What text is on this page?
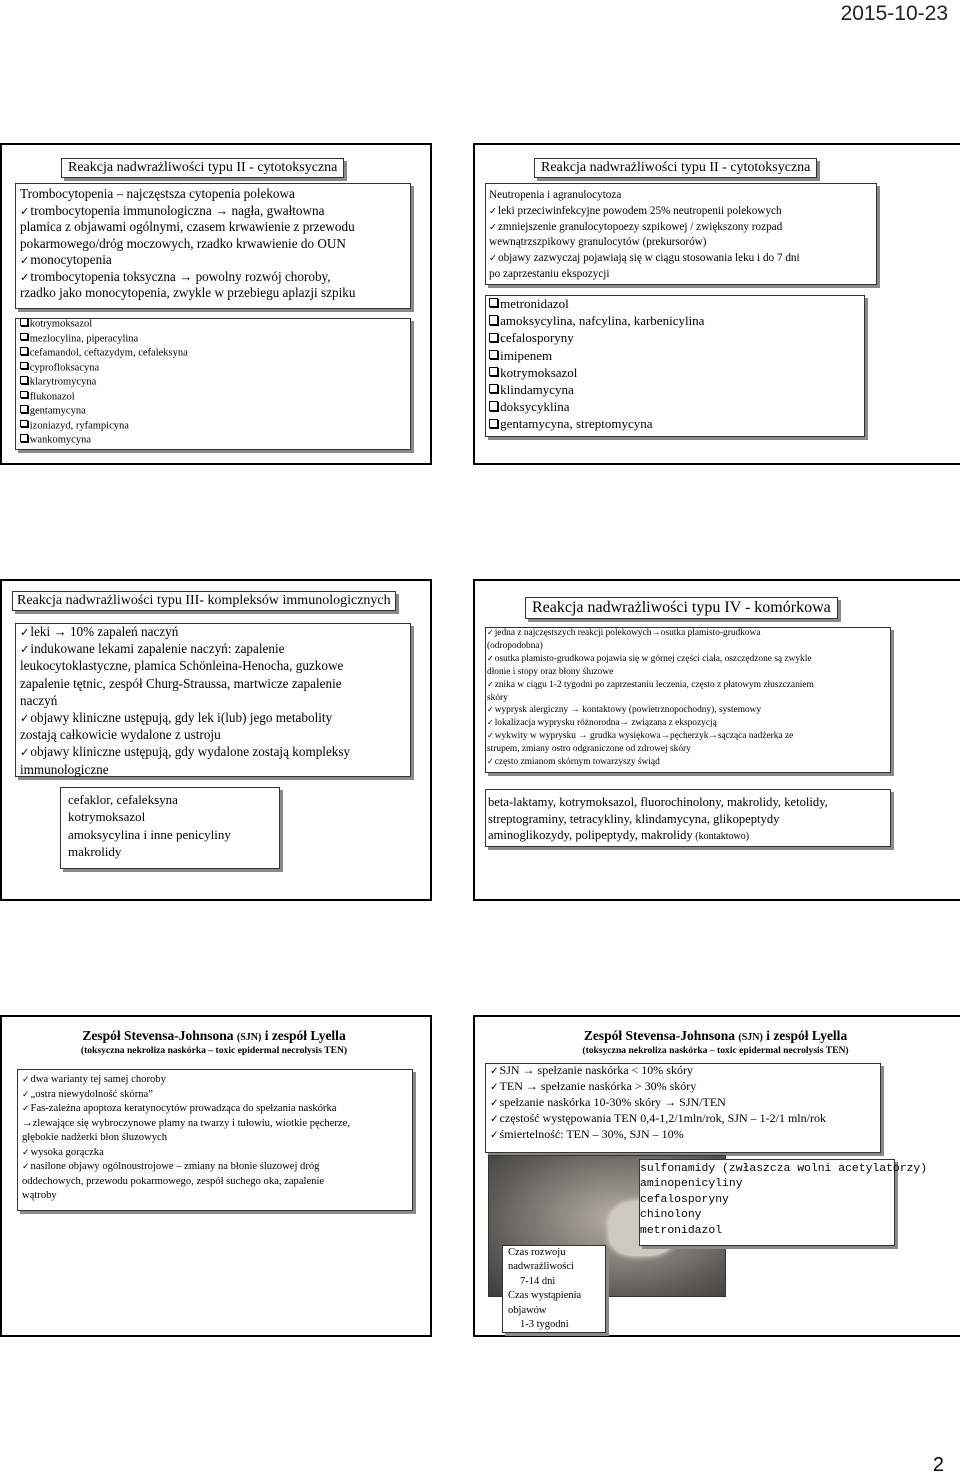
2015-10-23
Reakcja nadwrażliwości typu II - cytotoksyczna	Reakcja nadwrażliwości typu II - cytotoksyczna
Reakcja nadwrażliwości typu III- kompleksów immunologicznych	Reakcja nadwrażliwości typu IV - komórkowa
Trombocytopenia – najczęstsza cytopenia polekowa
✓ trombocytopenia immunologiczna → nagła, gwałtowna
plamica z objawami ogólnymi, czasem krwawienie z przewodu
pokarmowego/dróg moczowych, rzadko krwawienie do OUN
✓ monocytopenia
✓ trombocytopenia toksyczna → powolny rozwój choroby,
rzadko jako monocytopenia, zwykle w przebiegu aplazji szpiku
kotrymoksazol
mezlocylina, piperacylina
cefamandol, ceftazydym, cefaleksyna
cyprofloksacyna
klarytromycyna
flukonazol
gentamycyna
izoniazyd, ryfampicyna
wankomycyna
Neutropenia i agranulocytoza
✓ leki przeciwinfekcyjne powodem 25% neutropenii polekowych
✓ zmniejszenie granulocytopoezy szpikowej / zwiększony rozpad
wewnątrzszpikowy granulocytów (prekursorów)
✓ objawy zazwyczaj pojawiają się w ciągu stosowania leku i do 7 dni
po zaprzestaniu ekspozycji
metronidazol
amoksycylina, nafcylina, karbenicylina
cefalosporyny
imipenem
kotrymoksazol
klindamycyna
doksycyklina
gentamycyna, streptomycyna
✓ leki → 10% zapaleń naczyń
✓ indukowane lekami zapalenie naczyń: zapalenie
leukocytoklastyczne, plamica Schönleina-Henocha, guzkowe
zapalenie tętnic, zespół Churg-Straussa, martwicze zapalenie
naczyń
✓ objawy kliniczne ustępują, gdy lek i(lub) jego metabolity
zostają całkowicie wydalone z ustroju
✓ objawy kliniczne ustępują, gdy wydalone zostają kompleksy
immunologiczne
cefaklor, cefaleksyna
kotrymoksazol
amoksycylina i inne penicyliny
makrolidy
✓ jedna z najczęstszych reakcji polekowych→osutka plamisto-grudkowa
(odropodobna)
✓ osutka plamisto-grudkowa pojawia się w górnej części ciała, oszczędzone są zwykle
dłonie i stopy oraz błony śluzowe
✓ znika w ciągu 1-2 tygodni po zaprzestaniu leczenia, często z płatowym złuszczaniem
skóry
✓ wyprysk alergiczny → kontaktowy (powietrznopochodny), systemowy
✓ lokalizacja wyprysku różnorodna→ związana z ekspozycją
✓ wykwity w wyprysku → grudka wysiękowa→pęcherzyk→sącząca nadżerka ze
strupem, zmiany ostro odgraniczone od zdrowej skóry
✓ często zmianom skórnym towarzyszy świąd
beta-laktamy, kotrymoksazol, fluorochinolony, makrolidy, ketolidy,
streptograminy, tetracykliny, klindamycyna, glikopeptydy
aminoglikozydy, polipeptydy, makrolidy (kontaktowo)
Zespół Stevensa-Johnsona (SJN) i zespół Lyella
(toksyczna nekroliza naskórka – toxic epidermal necrolysis TEN)
✓ dwa warianty tej samej choroby
✓ „ostra niewydolność skórna”
✓ Fas-zależna apoptoza keratynocytów prowadząca do spełzania naskórka
→zlewające się wybroczynowe plamy na twarzy i tułowiu, wiotkie pęcherze,
głębokie nadżerki błon śluzowych
✓ wysoka gorączka
✓ nasilone objawy ogólnoustrojowe – zmiany na błonie śluzowej dróg
oddechowych, przewodu pokarmowego, zespół suchego oka, zapalenie
wątroby
Zespół Stevensa-Johnsona (SJN) i zespół Lyella
(toksyczna nekroliza naskórka – toxic epidermal necrolysis TEN)
✓ SJN → spełzanie naskórka < 10% skóry
✓ TEN → spełzanie naskórka > 30% skóry
✓ spełzanie naskórka 10-30% skóry → SJN/TEN
✓ częstość występowania TEN 0,4-1,2/1mln/rok, SJN – 1-2/1 mln/rok
✓ śmiertelność: TEN – 30%, SJN – 10%
sulfonamidy (zwłaszcza wolni acetylatorzy)
aminopenicyliny
cefalosporyny
chinolony
metronidazol
Czas rozwoju
nadwrażliwości
7-14 dni
Czas wystąpienia
objawów
1-3 tygodni
2
